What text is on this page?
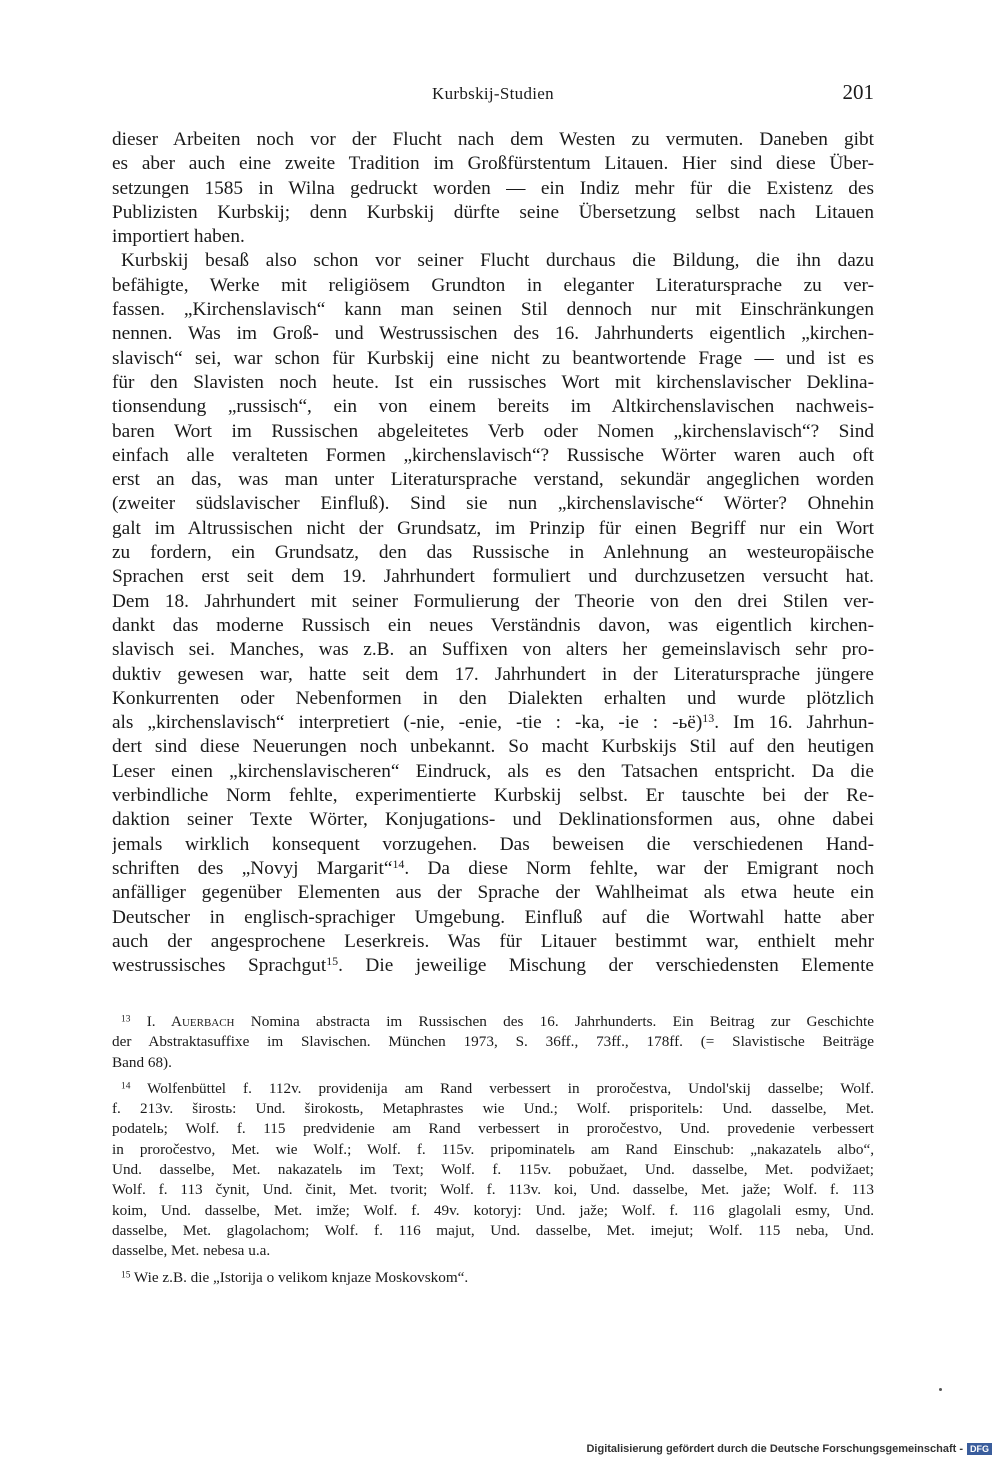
Kurbskij-Studien	201
dieser Arbeiten noch vor der Flucht nach dem Westen zu vermuten. Daneben gibt
es aber auch eine zweite Tradition im Großfürstentum Litauen. Hier sind diese Über-
setzungen 1585 in Wilna gedruckt worden — ein Indiz mehr für die Existenz des
Publizisten Kurbskij; denn Kurbskij dürfte seine Übersetzung selbst nach Litauen
importiert haben.
Kurbskij besaß also schon vor seiner Flucht durchaus die Bildung, die ihn dazu
befähigte, Werke mit religiösem Grundton in eleganter Literatursprache zu ver-
fassen. „Kirchenslavisch“ kann man seinen Stil dennoch nur mit Einschränkungen
nennen. Was im Groß- und Westrussischen des 16. Jahrhunderts eigentlich „kirchen-
slavisch“ sei, war schon für Kurbskij eine nicht zu beantwortende Frage — und ist es
für den Slavisten noch heute. Ist ein russisches Wort mit kirchenslavischer Deklina-
tionsendung „russisch“, ein von einem bereits im Altkirchenslavischen nachweis-
baren Wort im Russischen abgeleitetes Verb oder Nomen „kirchenslavisch“? Sind
einfach alle veralteten Formen „kirchenslavisch“? Russische Wörter waren auch oft
erst an das, was man unter Literatursprache verstand, sekundär angeglichen worden
(zweiter südslavischer Einfluß). Sind sie nun „kirchenslavische“ Wörter? Ohnehin
galt im Altrussischen nicht der Grundsatz, im Prinzip für einen Begriff nur ein Wort
zu fordern, ein Grundsatz, den das Russische in Anlehnung an westeuropäische
Sprachen erst seit dem 19. Jahrhundert formuliert und durchzusetzen versucht hat.
Dem 18. Jahrhundert mit seiner Formulierung der Theorie von den drei Stilen ver-
dankt das moderne Russisch ein neues Verständnis davon, was eigentlich kirchen-
slavisch sei. Manches, was z.B. an Suffixen von alters her gemeinslavisch sehr pro-
duktiv gewesen war, hatte seit dem 17. Jahrhundert in der Literatursprache jüngere
Konkurrenten oder Nebenformen in den Dialekten erhalten und wurde plötzlich
als „kirchenslavisch“ interpretiert (-nie, -enie, -tie : -ka, -ie : -ьё)$^{13}$. Im 16. Jahrhun-
dert sind diese Neuerungen noch unbekannt. So macht Kurbskijs Stil auf den heutigen
Leser einen „kirchenslavischeren“ Eindruck, als es den Tatsachen entspricht. Da die
verbindliche Norm fehlte, experimentierte Kurbskij selbst. Er tauschte bei der Re-
daktion seiner Texte Wörter, Konjugations- und Deklinationsformen aus, ohne dabei
jemals wirklich konsequent vorzugehen. Das beweisen die verschiedenen Hand-
schriften des „Novyj Margarit“$^{14}$. Da diese Norm fehlte, war der Emigrant noch
anfälliger gegenüber Elementen aus der Sprache der Wahlheimat als etwa heute ein
Deutscher in englisch-sprachiger Umgebung. Einfluß auf die Wortwahl hatte aber
auch der angesprochene Leserkreis. Was für Litauer bestimmt war, enthielt mehr
westrussisches Sprachgut$^{15}$. Die jeweilige Mischung der verschiedensten Elemente
$^{13}$ I. Auerbach Nomina abstracta im Russischen des 16. Jahrhunderts. Ein Beitrag zur Geschichte
der Abstraktasuffixe im Slavischen. München 1973, S. 36ff., 73ff., 178ff. (= Slavistische Beiträge
Band 68).
$^{14}$ Wolfenbüttel f. 112v. providenija am Rand verbessert in proročestva, Undol'skij dasselbe; Wolf.
f. 213v. širostь: Und. širokostь, Metaphrastes wie Und.; Wolf. prisporitelь: Und. dasselbe, Met.
podatelь; Wolf. f. 115 predvidenie am Rand verbessert in proročestvo, Und. provedenie verbessert
in proročestvo, Met. wie Wolf.; Wolf. f. 115v. pripominatelь am Rand Einschub: „nakazatelь albo“,
Und. dasselbe, Met. nakazatelь im Text; Wolf. f. 115v. pobužaet, Und. dasselbe, Met. podvižaet;
Wolf. f. 113 čynit, Und. činit, Met. tvorit; Wolf. f. 113v. koi, Und. dasselbe, Met. jaže; Wolf. f. 113
koim, Und. dasselbe, Met. imže; Wolf. f. 49v. kotoryj: Und. jaže; Wolf. f. 116 glagolali esmy, Und.
dasselbe, Met. glagolachom; Wolf. f. 116 majut, Und. dasselbe, Met. imejut; Wolf. 115 neba, Und.
dasselbe, Met. nebesa u.a.
$^{15}$ Wie z.B. die „Istorija o velikom knjaze Moskovskom“.
Digitalisierung gefördert durch die Deutsche Forschungsgemeinschaft - DFG
